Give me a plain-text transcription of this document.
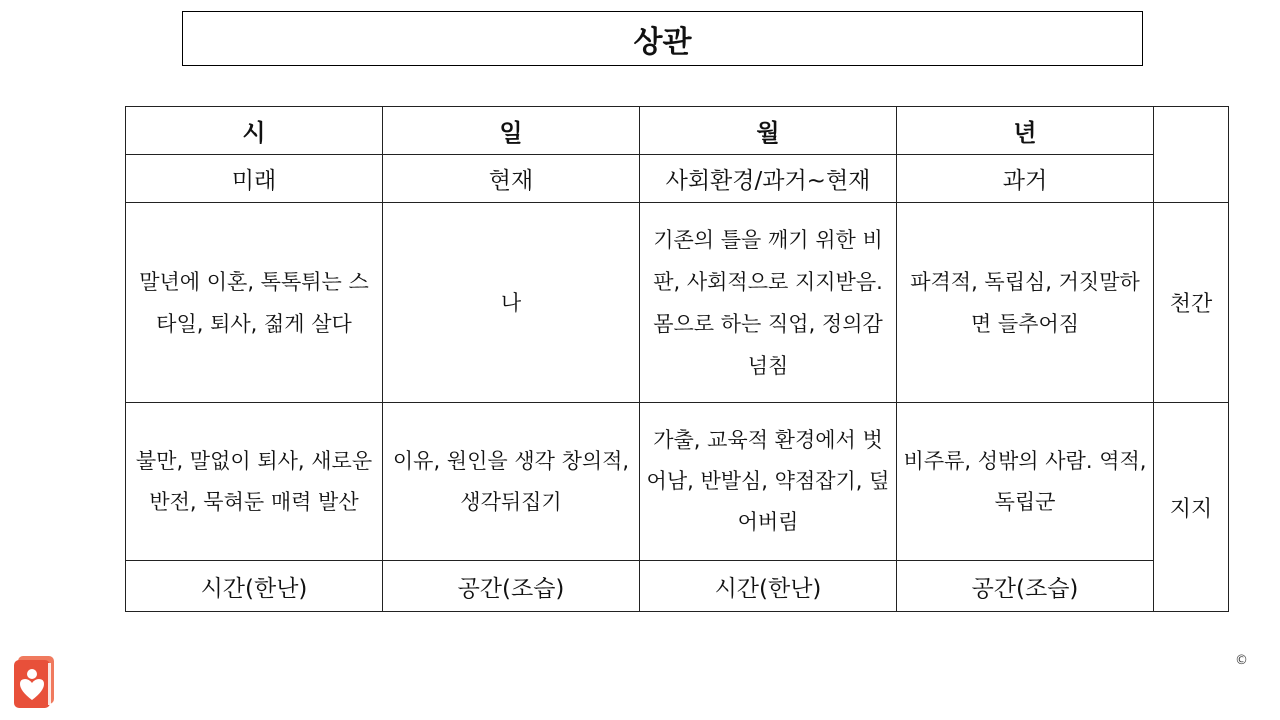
상관
시	일	월	년	
미래	현재	사회환경/과거~현재	과거	

말년에 이혼, 톡톡튀는 스타일, 퇴사, 젊게 살다	나	기존의 틀을 깨기 위한 비판, 사회적으로 지지받음. 몸으로 하는 직업, 정의감 넘침	파격적, 독립심, 거짓말하면 들추어짐	천간

불만, 말없이 퇴사, 새로운 반전, 묵혀둔 매력 발산	이유, 원인을 생각 창의적, 생각뒤집기	가출, 교육적 환경에서 벗어남, 반발심, 약점잡기, 덮어버림	비주류, 성밖의 사람. 역적, 독립군	지지
시간(한난)	공간(조습)	시간(한난)	공간(조습)	
©
